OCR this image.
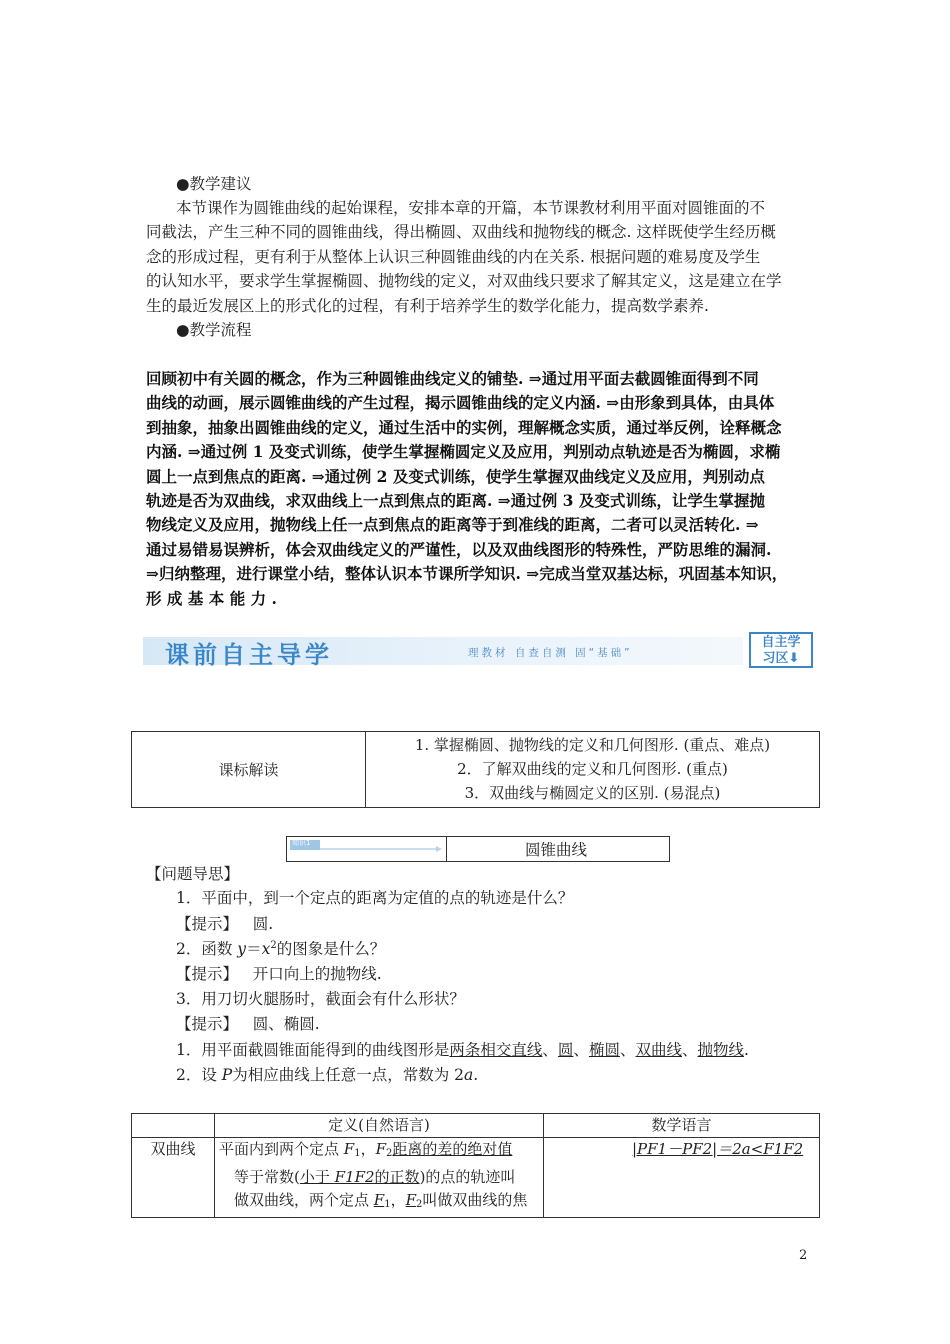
●教学建议
本节课作为圆锥曲线的起始课程，安排本章的开篇，本节课教材利用平面对圆锥面的不
同截法，产生三种不同的圆锥曲线，得出椭圆、双曲线和抛物线的概念. 这样既使学生经历概
念的形成过程，更有利于从整体上认识三种圆锥曲线的内在关系. 根据问题的难易度及学生
的认知水平，要求学生掌握椭圆、抛物线的定义，对双曲线只要求了解其定义，这是建立在学
生的最近发展区上的形式化的过程，有利于培养学生的数学化能力，提高数学素养.
●教学流程
回顾初中有关圆的概念，作为三种圆锥曲线定义的铺垫. ⇒通过用平面去截圆锥面得到不同
曲线的动画，展示圆锥曲线的产生过程，揭示圆锥曲线的定义内涵. ⇒由形象到具体，由具体
到抽象，抽象出圆锥曲线的定义，通过生活中的实例，理解概念实质，通过举反例，诠释概念
内涵. ⇒通过例 1 及变式训练，使学生掌握椭圆定义及应用，判别动点轨迹是否为椭圆，求椭
圆上一点到焦点的距离. ⇒通过例 2 及变式训练，使学生掌握双曲线定义及应用，判别动点
轨迹是否为双曲线，求双曲线上一点到焦点的距离. ⇒通过例 3 及变式训练，让学生掌握抛
物线定义及应用，抛物线上任一点到焦点的距离等于到准线的距离，二者可以灵活转化. ⇒
通过易错易误辨析，体会双曲线定义的严谨性，以及双曲线图形的特殊性，严防思维的漏洞.
⇒归纳整理，进行课堂小结，整体认识本节课所学知识. ⇒完成当堂双基达标，巩固基本知识，
形 成 基 本 能 力 .
课前自主导学	理教材 自查自测 固“基础”
自主学
习区⬇
课标解读	
1. 掌握椭圆、抛物线的定义和几何图形. (重点、难点)
2．了解双曲线的定义和几何图形. (重点)
3．双曲线与椭圆定义的区别. (易混点)
知识1	圆锥曲线
【问题导思】
1．平面中，到一个定点的距离为定值的点的轨迹是什么？
【提示】 圆.
2．函数 $y=x^2$的图象是什么？
【提示】 开口向上的抛物线.
3．用刀切火腿肠时，截面会有什么形状？
【提示】 圆、椭圆.
1．用平面截圆锥面能得到的曲线图形是两条相交直线、圆、椭圆、双曲线、抛物线.
2．设 P为相应曲线上任意一点，常数为 2a.
	定义(自然语言)	数学语言
双曲线	平面内到两个定点 $F_1$，$F_2$距离的差的绝对值
等于常数(小于 F1F2的正数)的点的轨迹叫
做双曲线，两个定点 $F_1$，$F_2$叫做双曲线的焦	|PF1－PF2|＝2a<F1F2
2
